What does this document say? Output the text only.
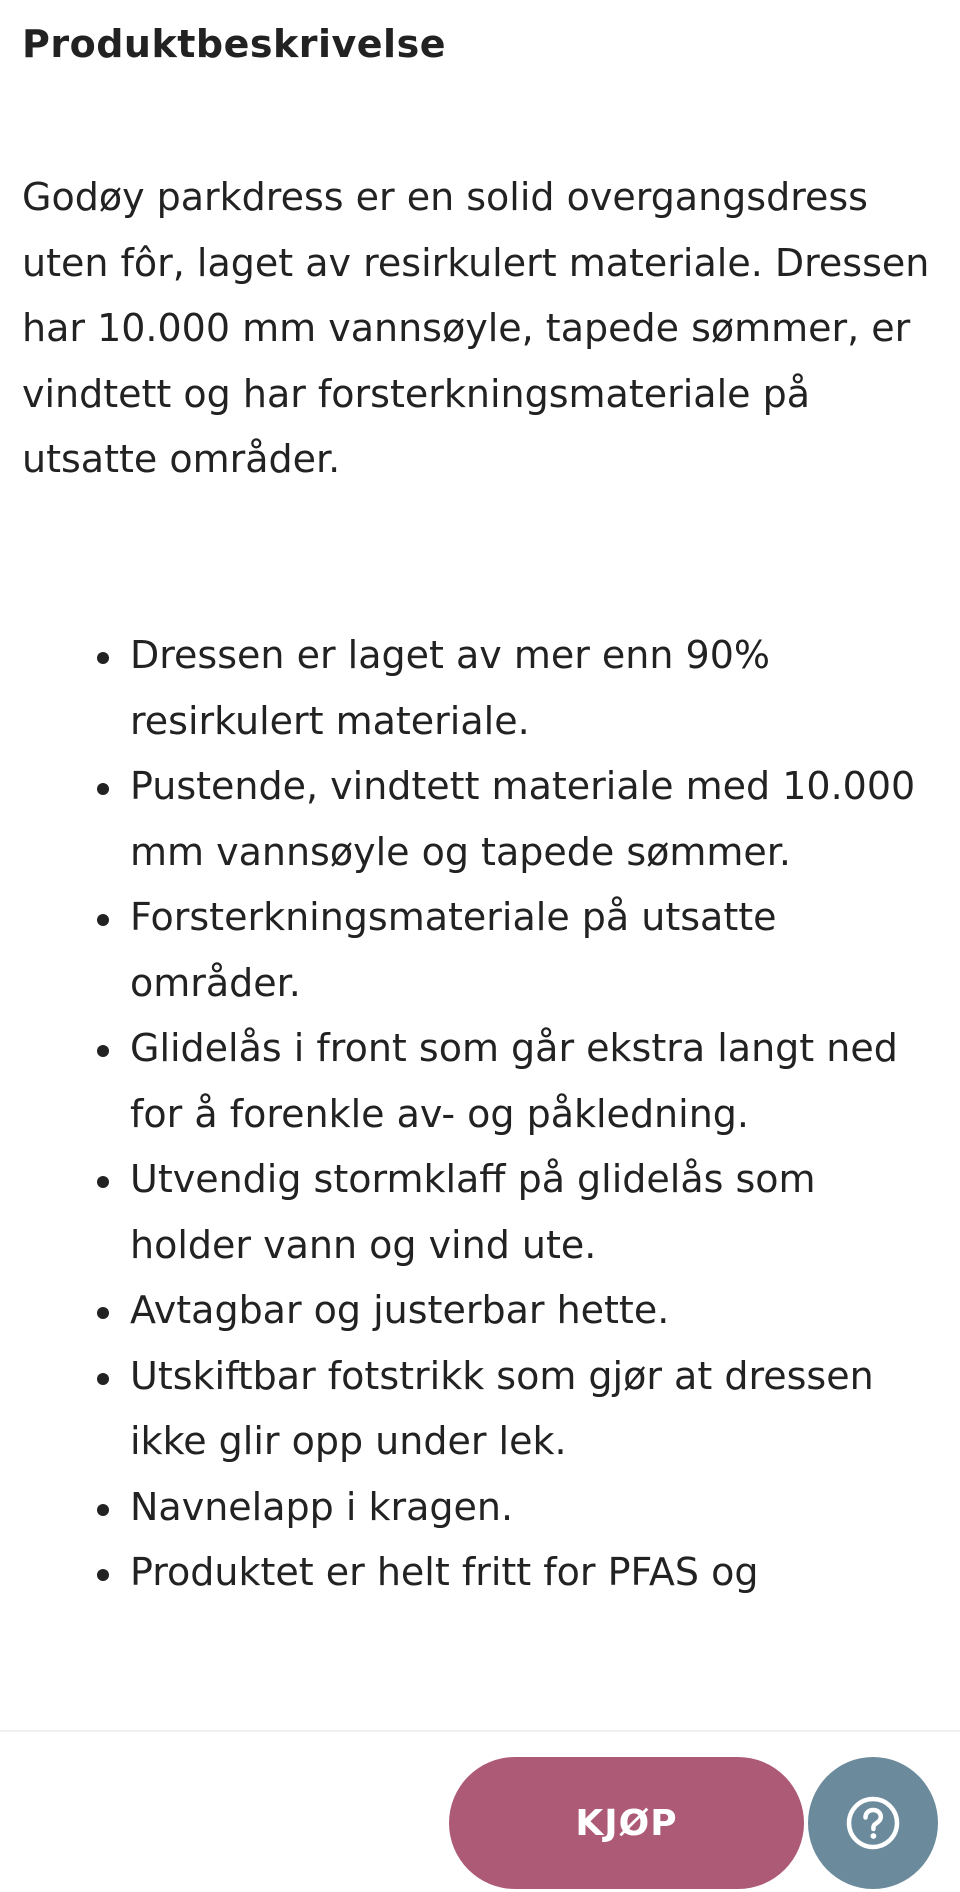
Produktbeskrivelse

Godøy parkdress er en solid overgangsdress uten fôr, laget av resirkulert materiale. Dressen har 10.000 mm vannsøyle, tapede sømmer, er vindtett og har forsterkningsmateriale på utsatte områder.

Dressen er laget av mer enn 90% resirkulert materiale.
Pustende, vindtett materiale med 10.000 mm vannsøyle og tapede sømmer.
Forsterkningsmateriale på utsatte områder.
Glidelås i front som går ekstra langt ned for å forenkle av- og påkledning.
Utvendig stormklaff på glidelås som holder vann og vind ute.
Avtagbar og justerbar hette.
Utskiftbar fotstrikk som gjør at dressen ikke glir opp under lek.
Navnelapp i kragen.
Produktet er helt fritt for PFAS og
KJØP
